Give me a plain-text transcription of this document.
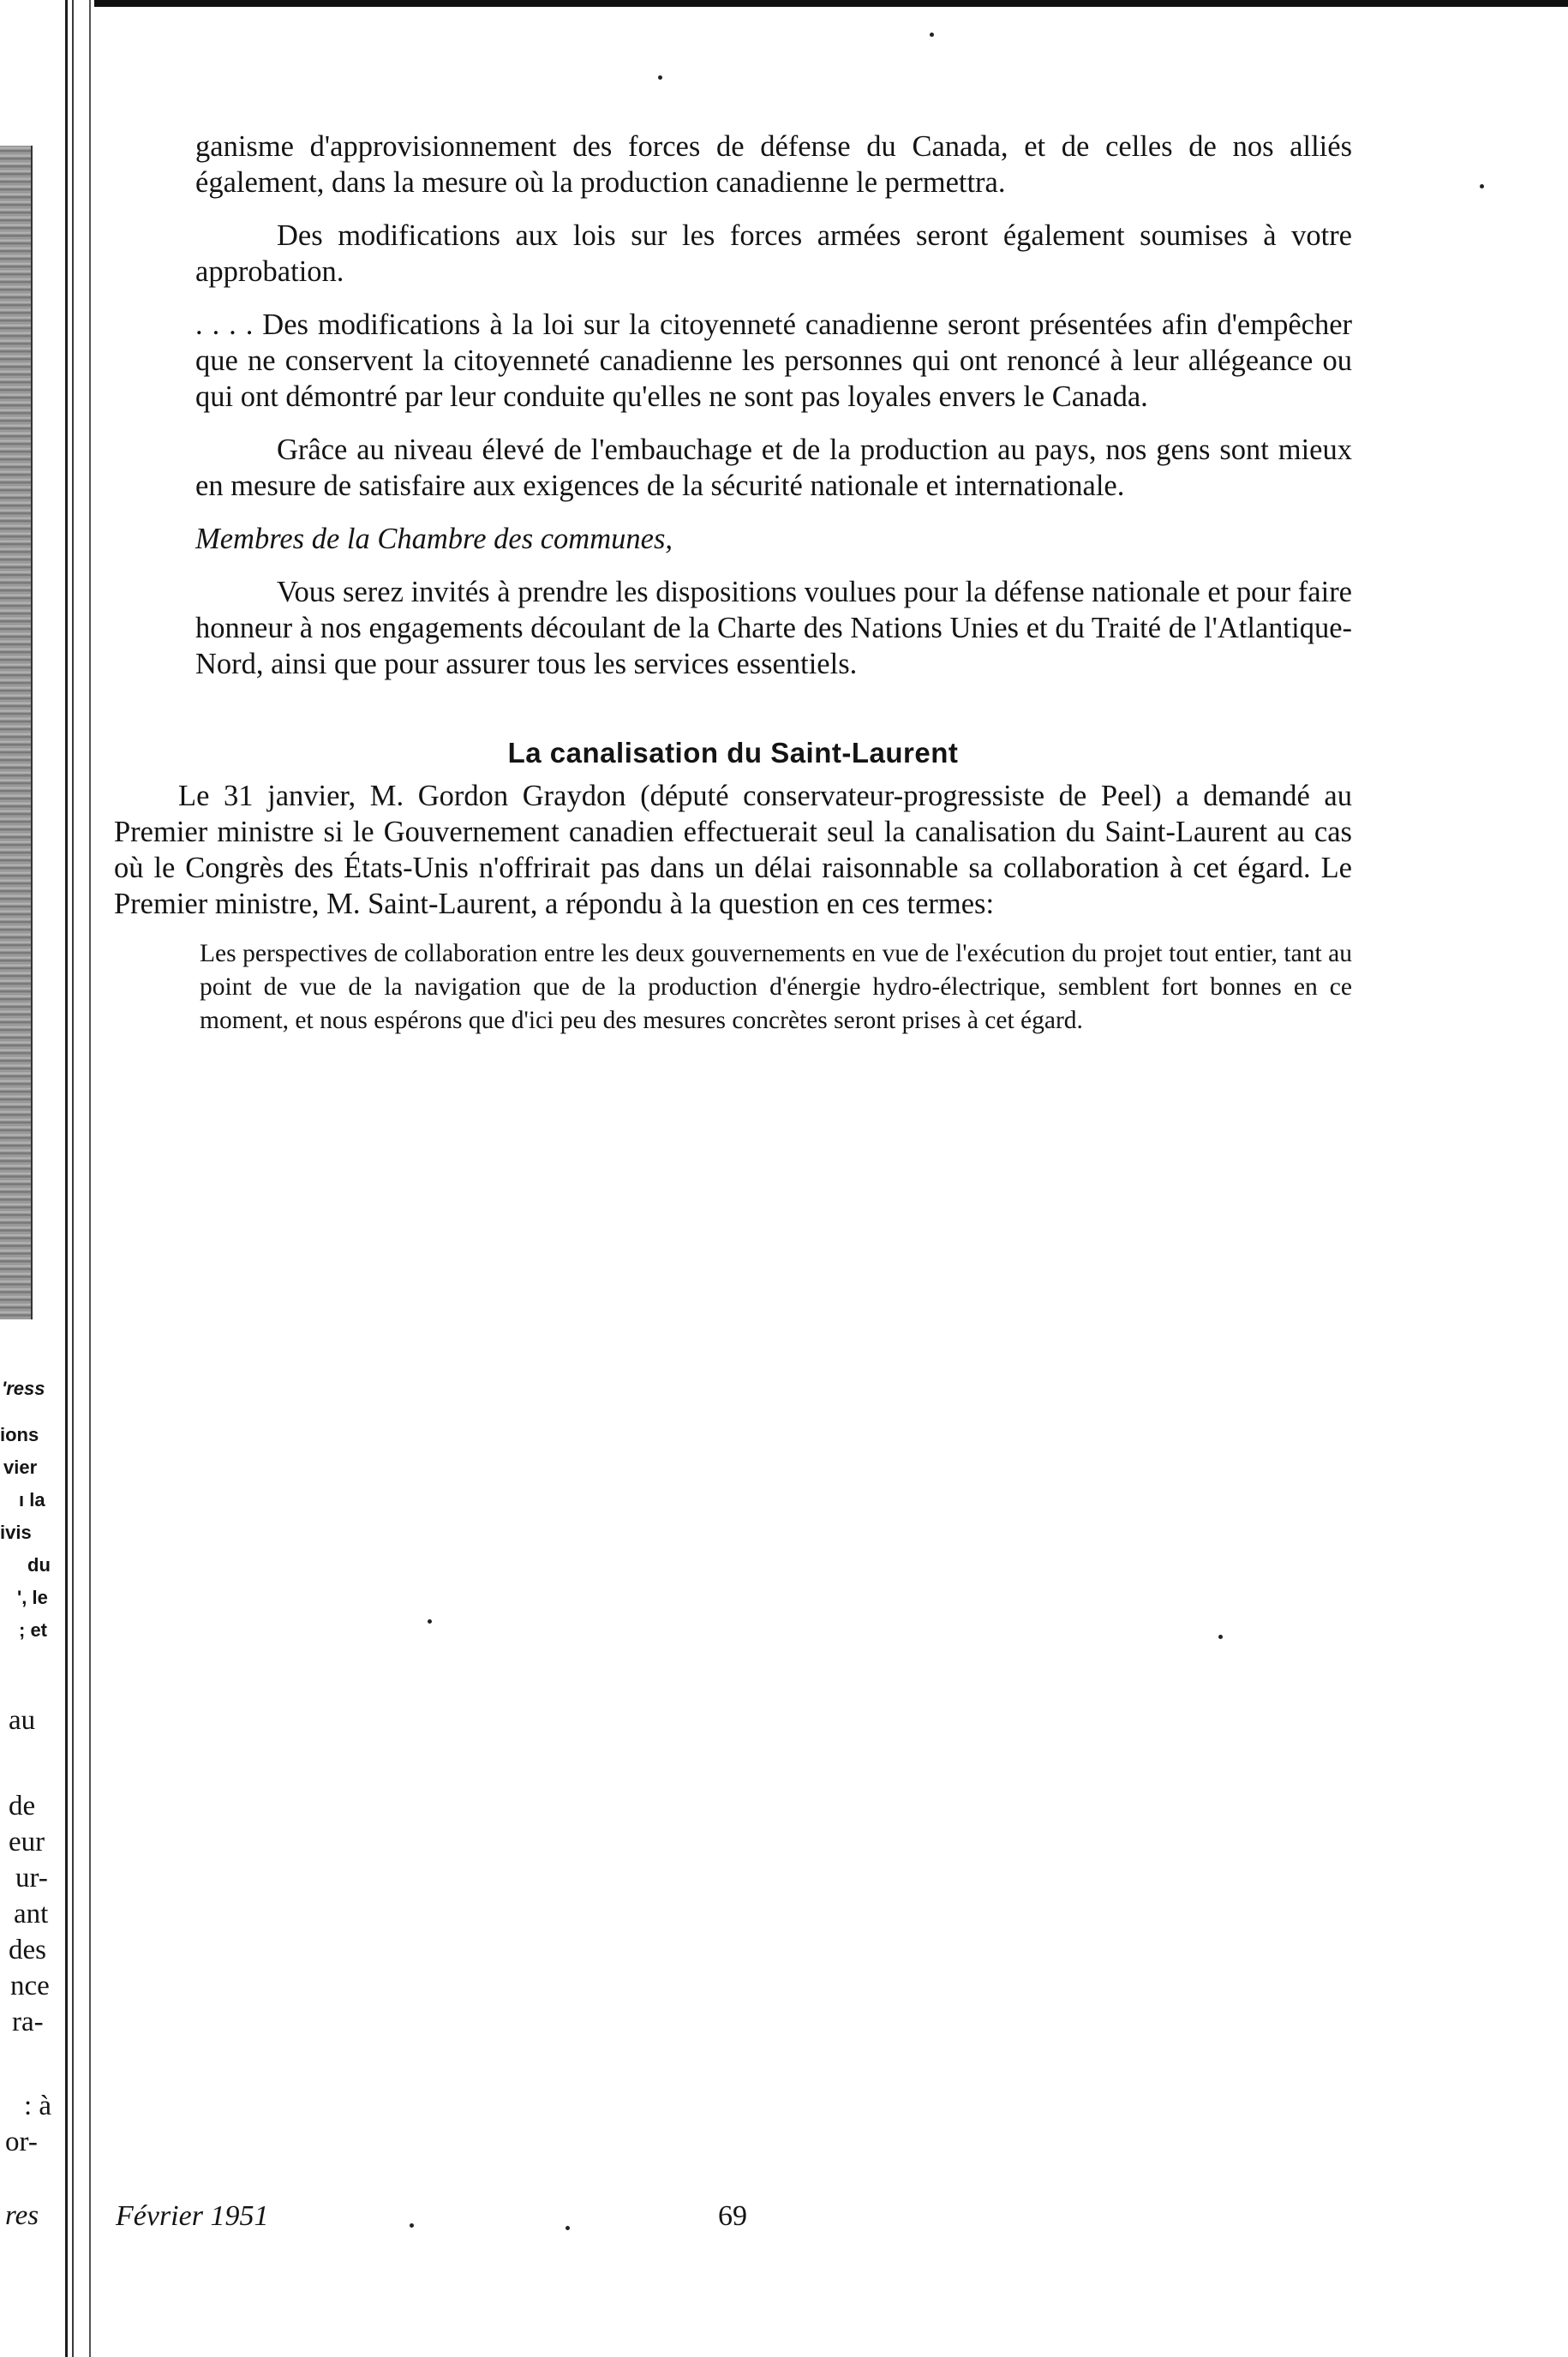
'ress
ions
vier
ı la
ivis
du
', le
; et
au
de
eur
ur-
ant
des
nce
ra-
: à
or-
res

ganisme d'approvisionnement des forces de défense du Canada, et de celles de nos alliés également, dans la mesure où la production canadienne le permettra.

Des modifications aux lois sur les forces armées seront également soumises à votre approbation.

. . . . Des modifications à la loi sur la citoyenneté canadienne seront présentées afin d'empêcher que ne conservent la citoyenneté canadienne les personnes qui ont renoncé à leur allégeance ou qui ont démontré par leur conduite qu'elles ne sont pas loyales envers le Canada.

Grâce au niveau élevé de l'embauchage et de la production au pays, nos gens sont mieux en mesure de satisfaire aux exigences de la sécurité nationale et internationale.

Membres de la Chambre des communes,

Vous serez invités à prendre les dispositions voulues pour la défense nationale et pour faire honneur à nos engagements découlant de la Charte des Nations Unies et du Traité de l'Atlantique-Nord, ainsi que pour assurer tous les services essentiels.

La canalisation du Saint-Laurent

Le 31 janvier, M. Gordon Graydon (député conservateur-progressiste de Peel) a demandé au Premier ministre si le Gouvernement canadien effectuerait seul la canalisation du Saint-Laurent au cas où le Congrès des États-Unis n'offrirait pas dans un délai raisonnable sa collaboration à cet égard. Le Premier ministre, M. Saint-Laurent, a répondu à la question en ces termes:

Les perspectives de collaboration entre les deux gouvernements en vue de l'exécution du projet tout entier, tant au point de vue de la navigation que de la production d'énergie hydro-électrique, semblent fort bonnes en ce moment, et nous espérons que d'ici peu des mesures concrètes seront prises à cet égard.

Février 1951	69
